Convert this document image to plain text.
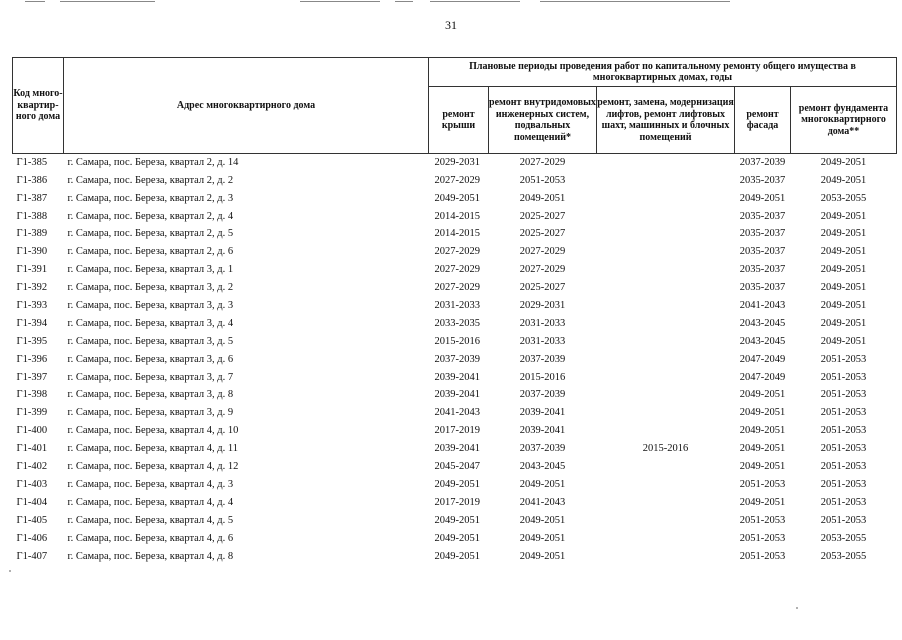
31
Код много-квартир-ного дома	Адрес многоквартирного дома	Плановые периоды проведения работ по капитальному ремонту общего имущества в многоквартирных домах, годы				
		ремонт крыши	ремонт внутридомовых инженерных систем, подвальных помещений*	ремонт, замена, модернизация лифтов, ремонт лифтовых шахт, машинных и блочных помещений	ремонт фасада	ремонт фундамента многоквартирного дома**
Г1-385	г. Самара, пос. Береза, квартал 2, д. 14	2029-2031	2027-2029		2037-2039	2049-2051
Г1-386	г. Самара, пос. Береза, квартал 2, д. 2	2027-2029	2051-2053		2035-2037	2049-2051
Г1-387	г. Самара, пос. Береза, квартал 2, д. 3	2049-2051	2049-2051		2049-2051	2053-2055
Г1-388	г. Самара, пос. Береза, квартал 2, д. 4	2014-2015	2025-2027		2035-2037	2049-2051
Г1-389	г. Самара, пос. Береза, квартал 2, д. 5	2014-2015	2025-2027		2035-2037	2049-2051
Г1-390	г. Самара, пос. Береза, квартал 2, д. 6	2027-2029	2027-2029		2035-2037	2049-2051
Г1-391	г. Самара, пос. Береза, квартал 3, д. 1	2027-2029	2027-2029		2035-2037	2049-2051
Г1-392	г. Самара, пос. Береза, квартал 3, д. 2	2027-2029	2025-2027		2035-2037	2049-2051
Г1-393	г. Самара, пос. Береза, квартал 3, д. 3	2031-2033	2029-2031		2041-2043	2049-2051
Г1-394	г. Самара, пос. Береза, квартал 3, д. 4	2033-2035	2031-2033		2043-2045	2049-2051
Г1-395	г. Самара, пос. Береза, квартал 3, д. 5	2015-2016	2031-2033		2043-2045	2049-2051
Г1-396	г. Самара, пос. Береза, квартал 3, д. 6	2037-2039	2037-2039		2047-2049	2051-2053
Г1-397	г. Самара, пос. Береза, квартал 3, д. 7	2039-2041	2015-2016		2047-2049	2051-2053
Г1-398	г. Самара, пос. Береза, квартал 3, д. 8	2039-2041	2037-2039		2049-2051	2051-2053
Г1-399	г. Самара, пос. Береза, квартал 3, д. 9	2041-2043	2039-2041		2049-2051	2051-2053
Г1-400	г. Самара, пос. Береза, квартал 4, д. 10	2017-2019	2039-2041		2049-2051	2051-2053
Г1-401	г. Самара, пос. Береза, квартал 4, д. 11	2039-2041	2037-2039	2015-2016	2049-2051	2051-2053
Г1-402	г. Самара, пос. Береза, квартал 4, д. 12	2045-2047	2043-2045		2049-2051	2051-2053
Г1-403	г. Самара, пос. Береза, квартал 4, д. 3	2049-2051	2049-2051		2051-2053	2051-2053
Г1-404	г. Самара, пос. Береза, квартал 4, д. 4	2017-2019	2041-2043		2049-2051	2051-2053
Г1-405	г. Самара, пос. Береза, квартал 4, д. 5	2049-2051	2049-2051		2051-2053	2051-2053
Г1-406	г. Самара, пос. Береза, квартал 4, д. 6	2049-2051	2049-2051		2051-2053	2053-2055
Г1-407	г. Самара, пос. Береза, квартал 4, д. 8	2049-2051	2049-2051		2051-2053	2053-2055
